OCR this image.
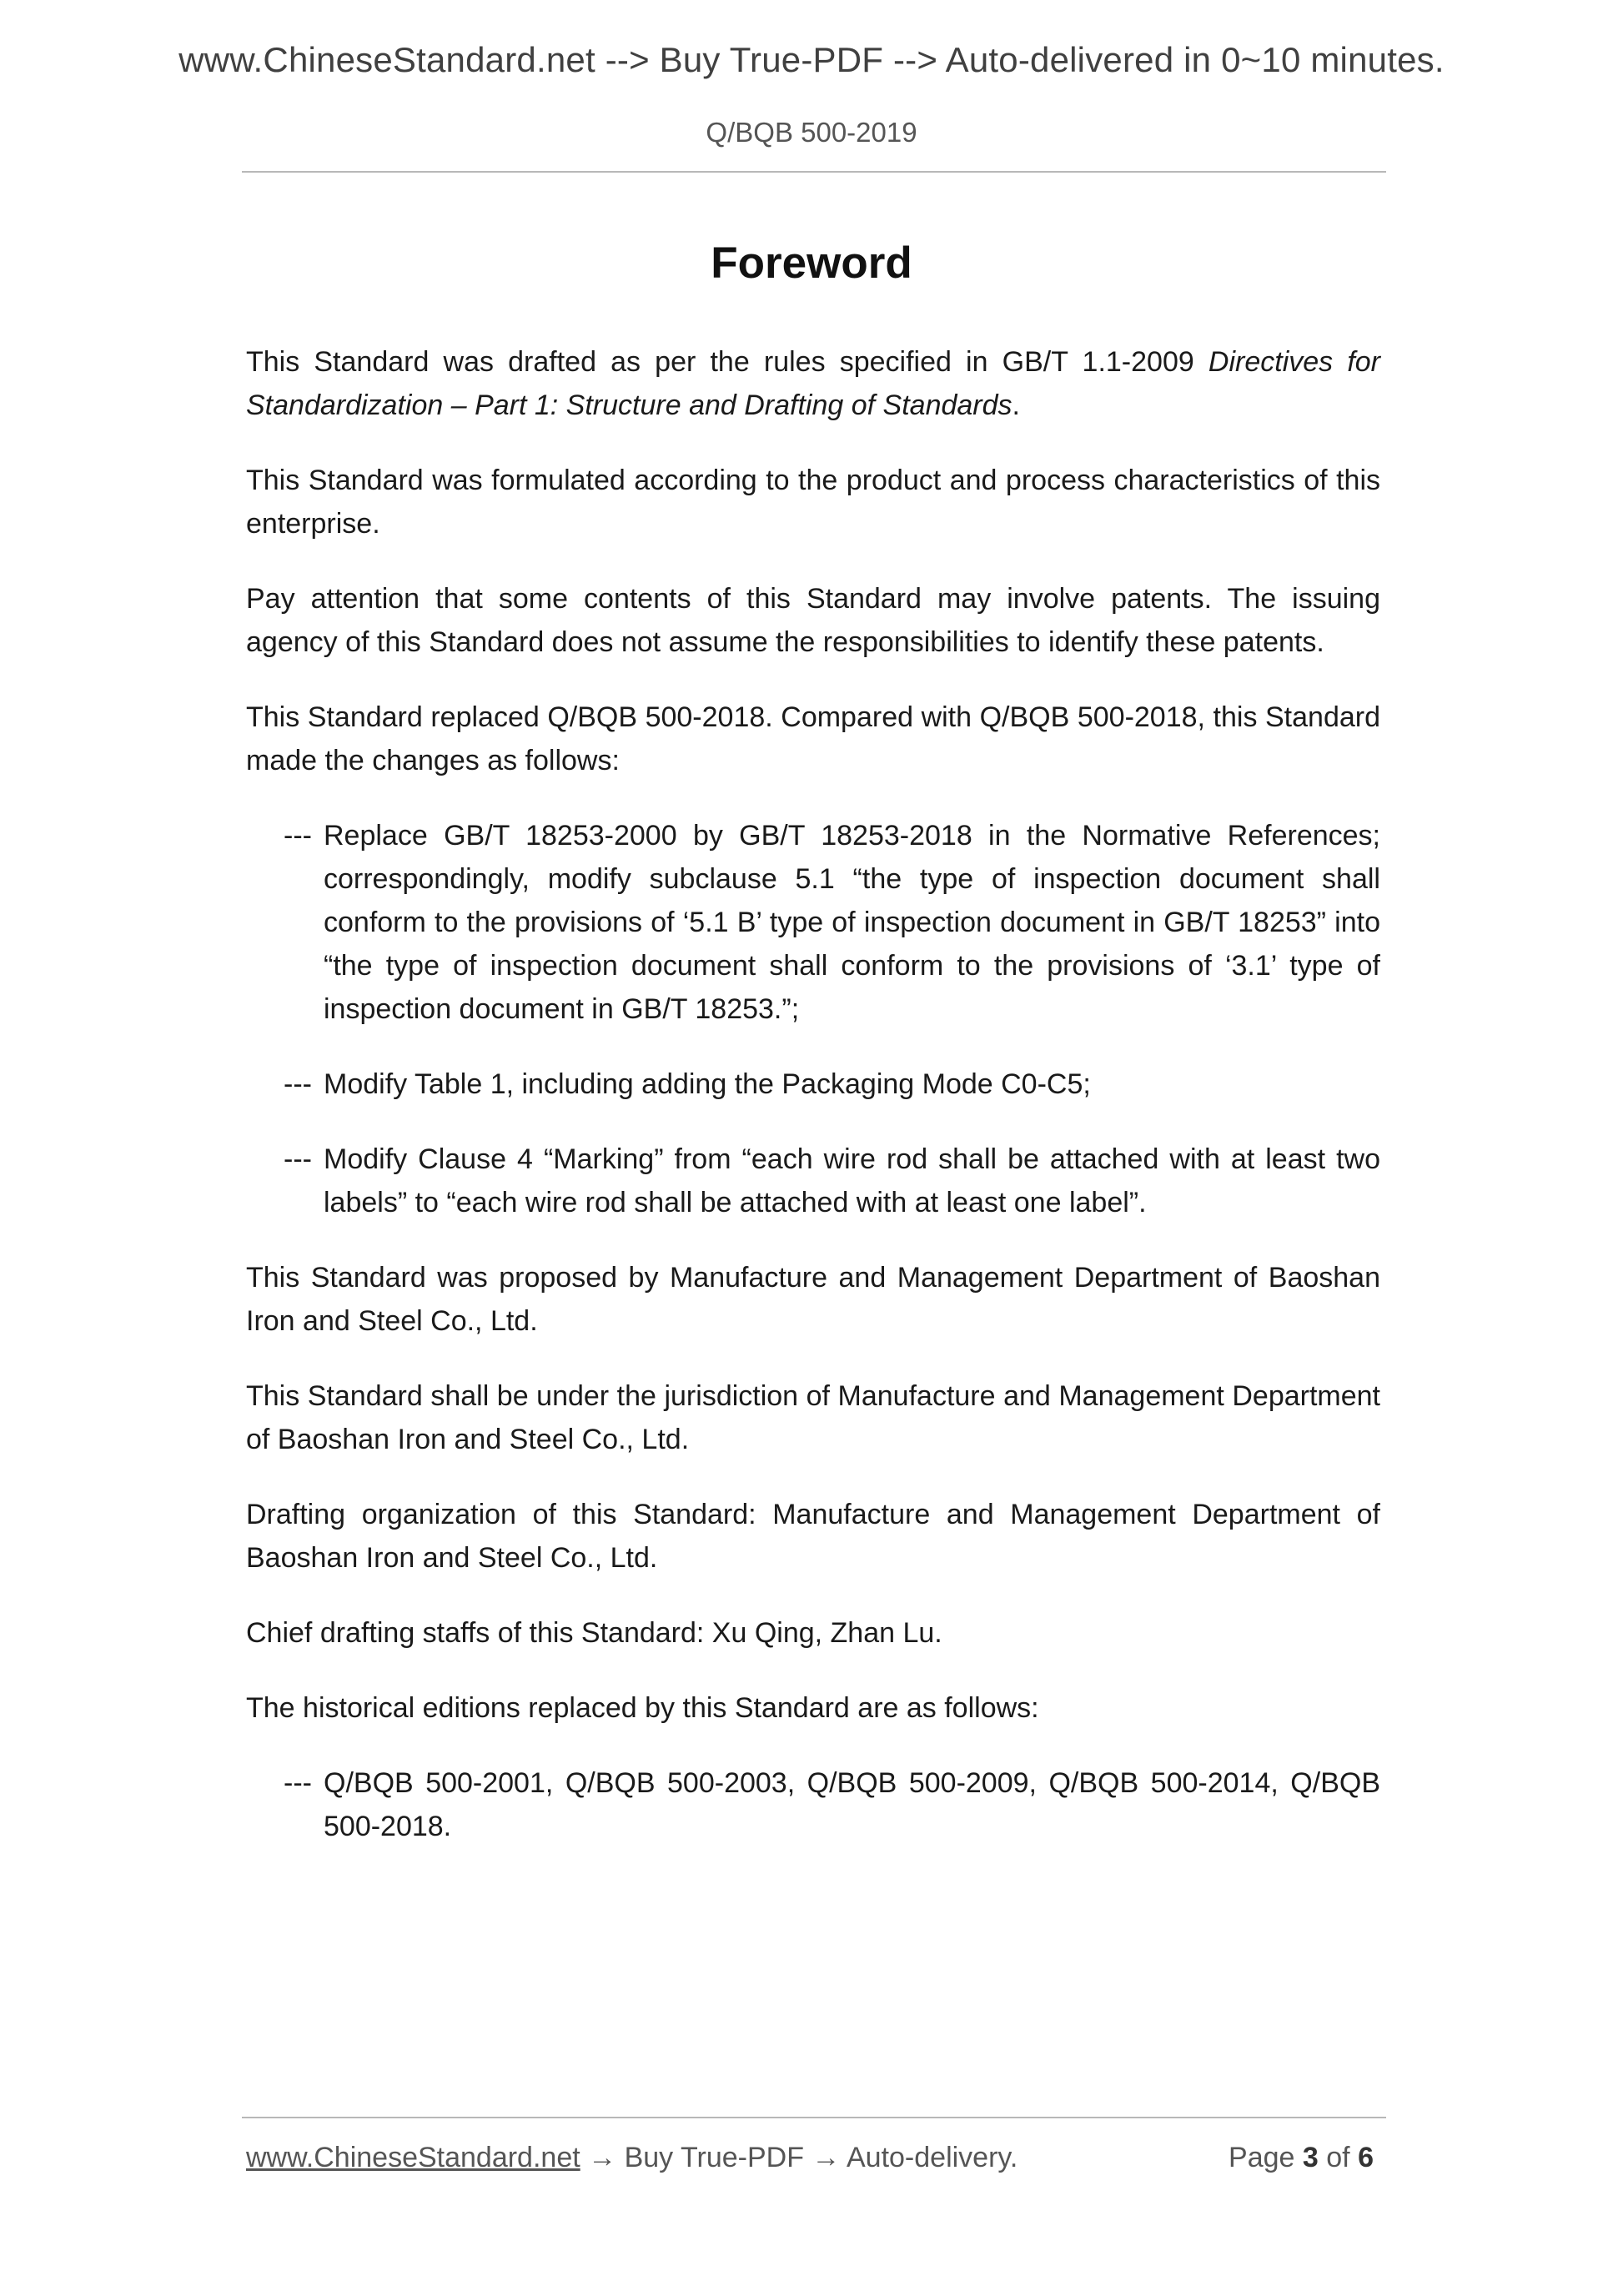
www.ChineseStandard.net --> Buy True-PDF --> Auto-delivered in 0~10 minutes.
Q/BQB 500-2019
Foreword

This Standard was drafted as per the rules specified in GB/T 1.1-2009 Directives for Standardization – Part 1: Structure and Drafting of Standards.

This Standard was formulated according to the product and process characteristics of this enterprise.

Pay attention that some contents of this Standard may involve patents. The issuing agency of this Standard does not assume the responsibilities to identify these patents.

This Standard replaced Q/BQB 500-2018. Compared with Q/BQB 500-2018, this Standard made the changes as follows:

--- Replace GB/T 18253-2000 by GB/T 18253-2018 in the Normative References; correspondingly, modify subclause 5.1 “the type of inspection document shall conform to the provisions of ‘5.1 B’ type of inspection document in GB/T 18253” into “the type of inspection document shall conform to the provisions of ‘3.1’ type of inspection document in GB/T 18253.”;
--- Modify Table 1, including adding the Packaging Mode C0-C5;
--- Modify Clause 4 “Marking” from “each wire rod shall be attached with at least two labels” to “each wire rod shall be attached with at least one label”.

This Standard was proposed by Manufacture and Management Department of Baoshan Iron and Steel Co., Ltd.

This Standard shall be under the jurisdiction of Manufacture and Management Department of Baoshan Iron and Steel Co., Ltd.

Drafting organization of this Standard: Manufacture and Management Department of Baoshan Iron and Steel Co., Ltd.

Chief drafting staffs of this Standard: Xu Qing, Zhan Lu.

The historical editions replaced by this Standard are as follows:

--- Q/BQB 500-2001, Q/BQB 500-2003, Q/BQB 500-2009, Q/BQB 500-2014, Q/BQB 500-2018.
www.ChineseStandard.net → Buy True-PDF → Auto-delivery.	Page 3 of 6
